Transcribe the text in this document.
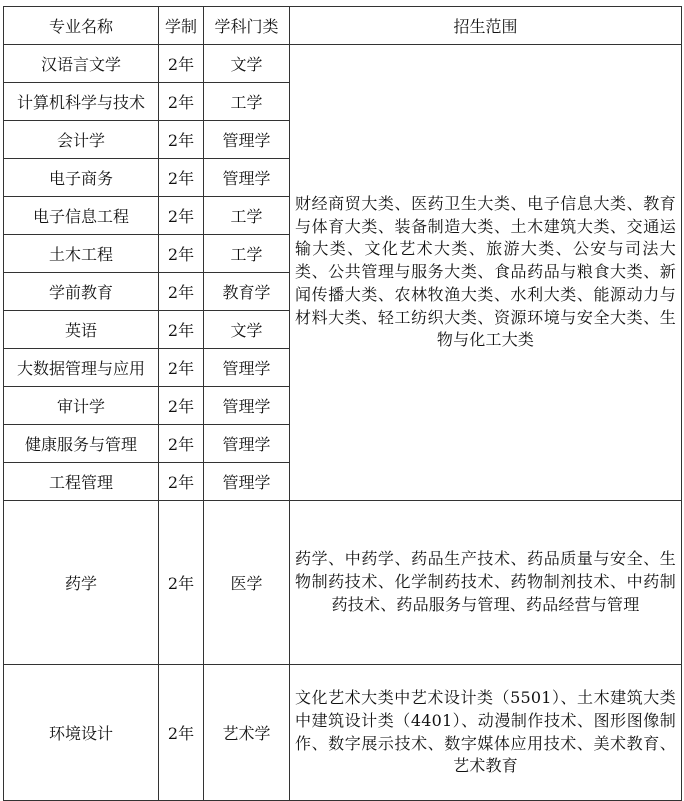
专业名称	学制	学科门类	招生范围
汉语言文学	2年	文学	财经商贸大类、医药卫生大类、电子信息大类、教育与体育大类、装备制造大类、土木建筑大类、交通运输大类、文化艺术大类、旅游大类、公安与司法大类、公共管理与服务大类、食品药品与粮食大类、新闻传播大类、农林牧渔大类、水利大类、能源动力与材料大类、轻工纺织大类、资源环境与安全大类、生物与化工大类
计算机科学与技术	2年	工学	
会计学	2年	管理学	
电子商务	2年	管理学	
电子信息工程	2年	工学	
土木工程	2年	工学	
学前教育	2年	教育学	
英语	2年	文学	
大数据管理与应用	2年	管理学	
审计学	2年	管理学	
健康服务与管理	2年	管理学	
工程管理	2年	管理学	
药学	2年	医学	药学、中药学、药品生产技术、药品质量与安全、生物制药技术、化学制药技术、药物制剂技术、中药制药技术、药品服务与管理、药品经营与管理
环境设计	2年	艺术学	文化艺术大类中艺术设计类（5501）、土木建筑大类中建筑设计类（4401）、动漫制作技术、图形图像制作、数字展示技术、数字媒体应用技术、美术教育、艺术教育
